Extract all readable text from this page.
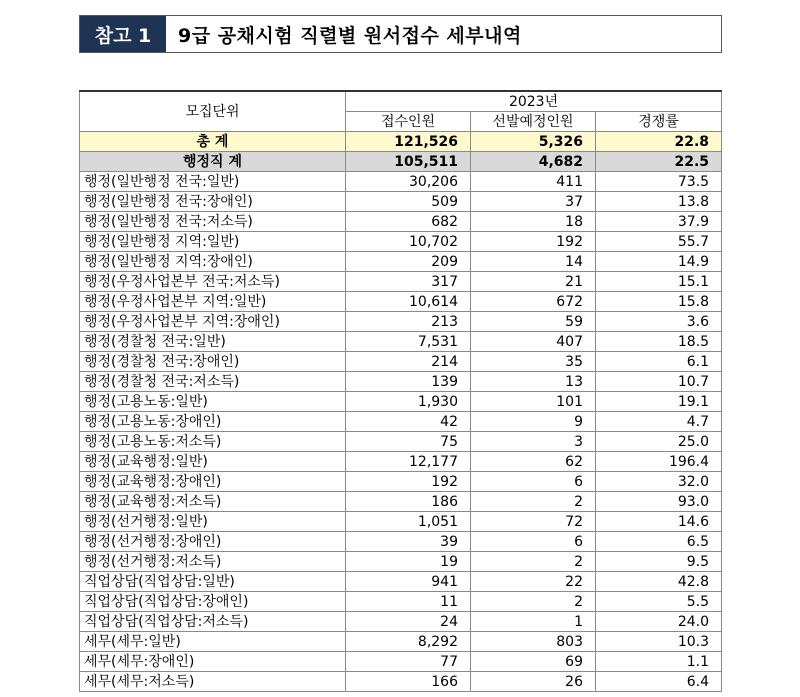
참고 1	9급 공채시험 직렬별 원서접수 세부내역
모집단위	2023년		
	접수인원	선발예정인원	경쟁률
총 계	121,526	5,326	22.8
행정직 계	105,511	4,682	22.5
행정(일반행정 전국:일반)	30,206	411	73.5
행정(일반행정 전국:장애인)	509	37	13.8
행정(일반행정 전국:저소득)	682	18	37.9
행정(일반행정 지역:일반)	10,702	192	55.7
행정(일반행정 지역:장애인)	209	14	14.9
행정(우정사업본부 전국:저소득)	317	21	15.1
행정(우정사업본부 지역:일반)	10,614	672	15.8
행정(우정사업본부 지역:장애인)	213	59	3.6
행정(경찰청 전국:일반)	7,531	407	18.5
행정(경찰청 전국:장애인)	214	35	6.1
행정(경찰청 전국:저소득)	139	13	10.7
행정(고용노동:일반)	1,930	101	19.1
행정(고용노동:장애인)	42	9	4.7
행정(고용노동:저소득)	75	3	25.0
행정(교육행정:일반)	12,177	62	196.4
행정(교육행정:장애인)	192	6	32.0
행정(교육행정:저소득)	186	2	93.0
행정(선거행정:일반)	1,051	72	14.6
행정(선거행정:장애인)	39	6	6.5
행정(선거행정:저소득)	19	2	9.5
직업상담(직업상담:일반)	941	22	42.8
직업상담(직업상담:장애인)	11	2	5.5
직업상담(직업상담:저소득)	24	1	24.0
세무(세무:일반)	8,292	803	10.3
세무(세무:장애인)	77	69	1.1
세무(세무:저소득)	166	26	6.4
